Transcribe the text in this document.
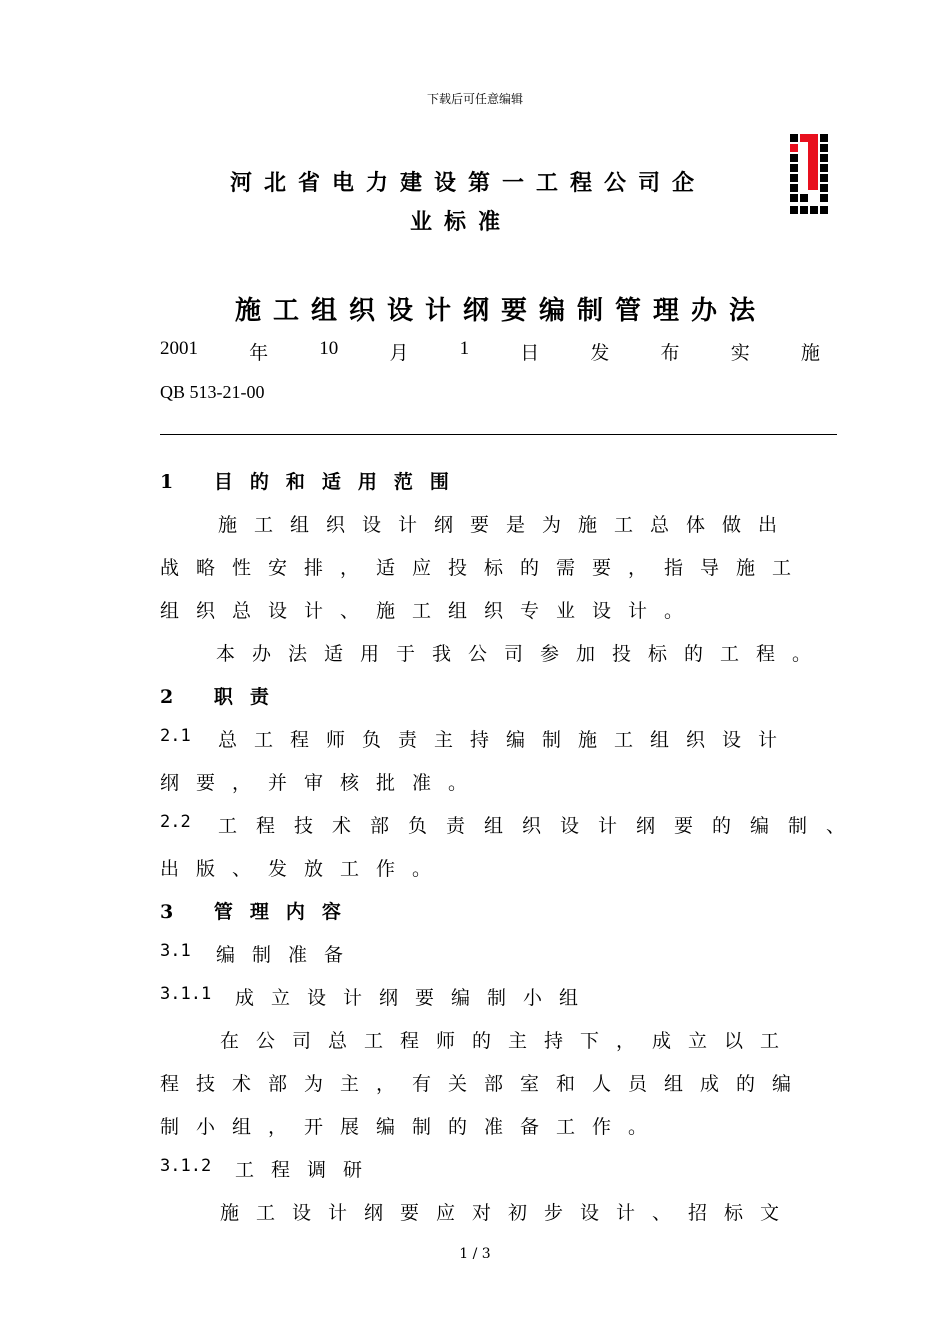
下载后可任意编辑
河北省电力建设第一工程公司企
业标准
施工组织设计纲要编制管理办法
2001	年	10	月	1	日	发	布	实	施
QB 513-21-00
1 目的和适用范围
施工组织设计纲要是为施工总体做出
战略性安排，适应投标的需要，指导施工
组织总设计、施工组织专业设计。
本办法适用于我公司参加投标的工程。
2 职责
2.1 总工程师负责主持编制施工组织设计
纲要，并审核批准。
2.2 工程技术部负责组织设计纲要的编制、
出版、发放工作。
3 管理内容
3.1 编制准备
3.1.1 成立设计纲要编制小组
在公司总工程师的主持下，成立以工
程技术部为主，有关部室和人员组成的编
制小组，开展编制的准备工作。
3.1.2 工程调研
施工设计纲要应对初步设计、招标文
1 / 3
